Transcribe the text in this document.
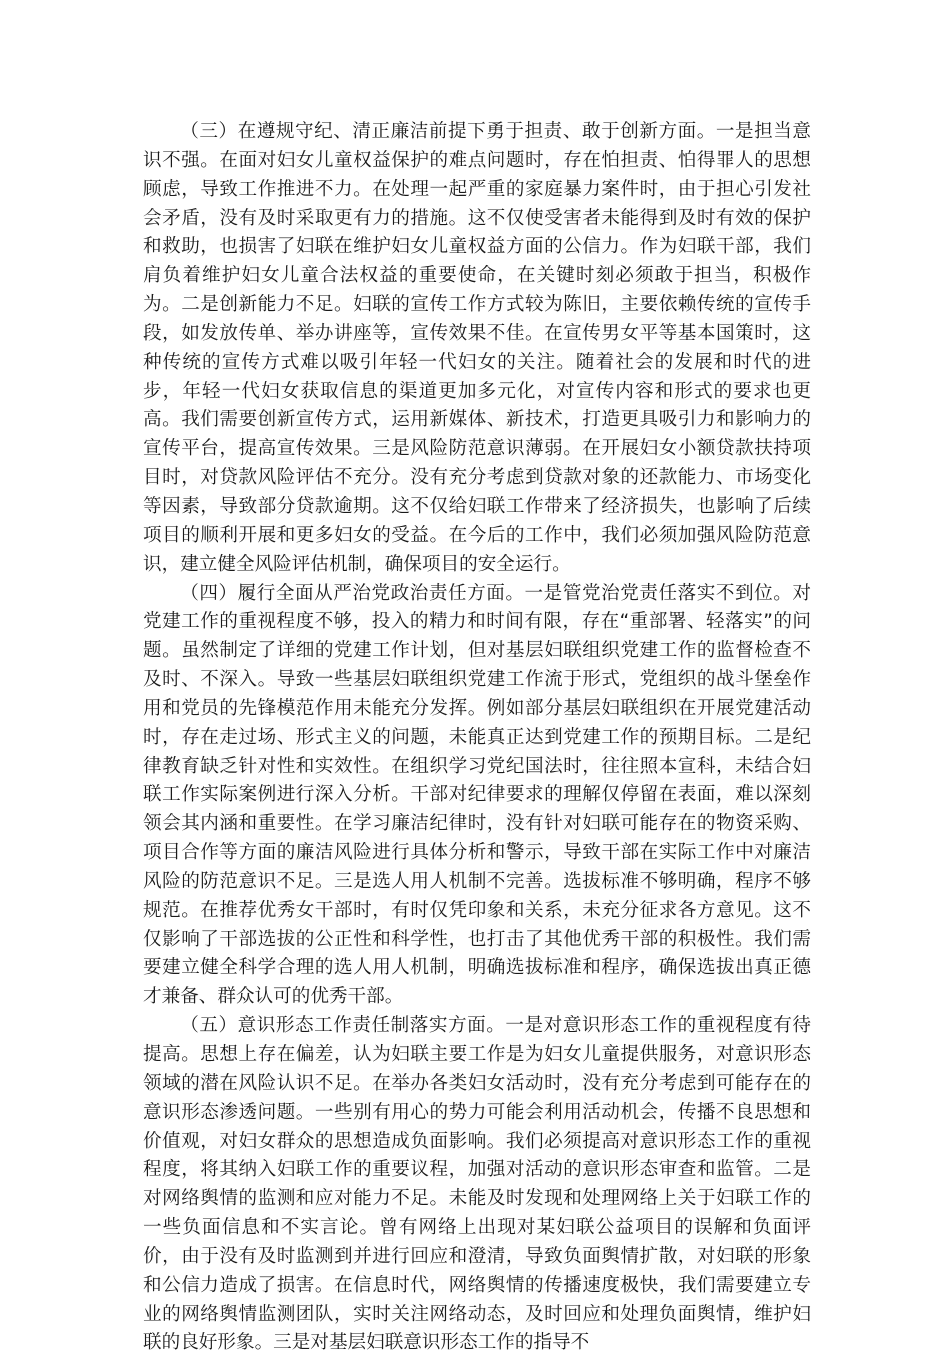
（三）在遵规守纪、清正廉洁前提下勇于担责、敢于创新方面。一是担当意识不强。在面对妇女儿童权益保护的难点问题时，存在怕担责、怕得罪人的思想顾虑，导致工作推进不力。在处理一起严重的家庭暴力案件时，由于担心引发社会矛盾，没有及时采取更有力的措施。这不仅使受害者未能得到及时有效的保护和救助，也损害了妇联在维护妇女儿童权益方面的公信力。作为妇联干部，我们肩负着维护妇女儿童合法权益的重要使命，在关键时刻必须敢于担当，积极作为。二是创新能力不足。妇联的宣传工作方式较为陈旧，主要依赖传统的宣传手段，如发放传单、举办讲座等，宣传效果不佳。在宣传男女平等基本国策时，这种传统的宣传方式难以吸引年轻一代妇女的关注。随着社会的发展和时代的进步，年轻一代妇女获取信息的渠道更加多元化，对宣传内容和形式的要求也更高。我们需要创新宣传方式，运用新媒体、新技术，打造更具吸引力和影响力的宣传平台，提高宣传效果。三是风险防范意识薄弱。在开展妇女小额贷款扶持项目时，对贷款风险评估不充分。没有充分考虑到贷款对象的还款能力、市场变化等因素，导致部分贷款逾期。这不仅给妇联工作带来了经济损失，也影响了后续项目的顺利开展和更多妇女的受益。在今后的工作中，我们必须加强风险防范意识，建立健全风险评估机制，确保项目的安全运行。

（四）履行全面从严治党政治责任方面。一是管党治党责任落实不到位。对党建工作的重视程度不够，投入的精力和时间有限，存在“重部署、轻落实”的问题。虽然制定了详细的党建工作计划，但对基层妇联组织党建工作的监督检查不及时、不深入。导致一些基层妇联组织党建工作流于形式，党组织的战斗堡垒作用和党员的先锋模范作用未能充分发挥。例如部分基层妇联组织在开展党建活动时，存在走过场、形式主义的问题，未能真正达到党建工作的预期目标。二是纪律教育缺乏针对性和实效性。在组织学习党纪国法时，往往照本宣科，未结合妇联工作实际案例进行深入分析。干部对纪律要求的理解仅停留在表面，难以深刻领会其内涵和重要性。在学习廉洁纪律时，没有针对妇联可能存在的物资采购、项目合作等方面的廉洁风险进行具体分析和警示，导致干部在实际工作中对廉洁风险的防范意识不足。三是选人用人机制不完善。选拔标准不够明确，程序不够规范。在推荐优秀女干部时，有时仅凭印象和关系，未充分征求各方意见。这不仅影响了干部选拔的公正性和科学性，也打击了其他优秀干部的积极性。我们需要建立健全科学合理的选人用人机制，明确选拔标准和程序，确保选拔出真正德才兼备、群众认可的优秀干部。

（五）意识形态工作责任制落实方面。一是对意识形态工作的重视程度有待提高。思想上存在偏差，认为妇联主要工作是为妇女儿童提供服务，对意识形态领域的潜在风险认识不足。在举办各类妇女活动时，没有充分考虑到可能存在的意识形态渗透问题。一些别有用心的势力可能会利用活动机会，传播不良思想和价值观，对妇女群众的思想造成负面影响。我们必须提高对意识形态工作的重视程度，将其纳入妇联工作的重要议程，加强对活动的意识形态审查和监管。二是对网络舆情的监测和应对能力不足。未能及时发现和处理网络上关于妇联工作的一些负面信息和不实言论。曾有网络上出现对某妇联公益项目的误解和负面评价，由于没有及时监测到并进行回应和澄清，导致负面舆情扩散，对妇联的形象和公信力造成了损害。在信息时代，网络舆情的传播速度极快，我们需要建立专业的网络舆情监测团队，实时关注网络动态，及时回应和处理负面舆情，维护妇联的良好形象。三是对基层妇联意识形态工作的指导不
